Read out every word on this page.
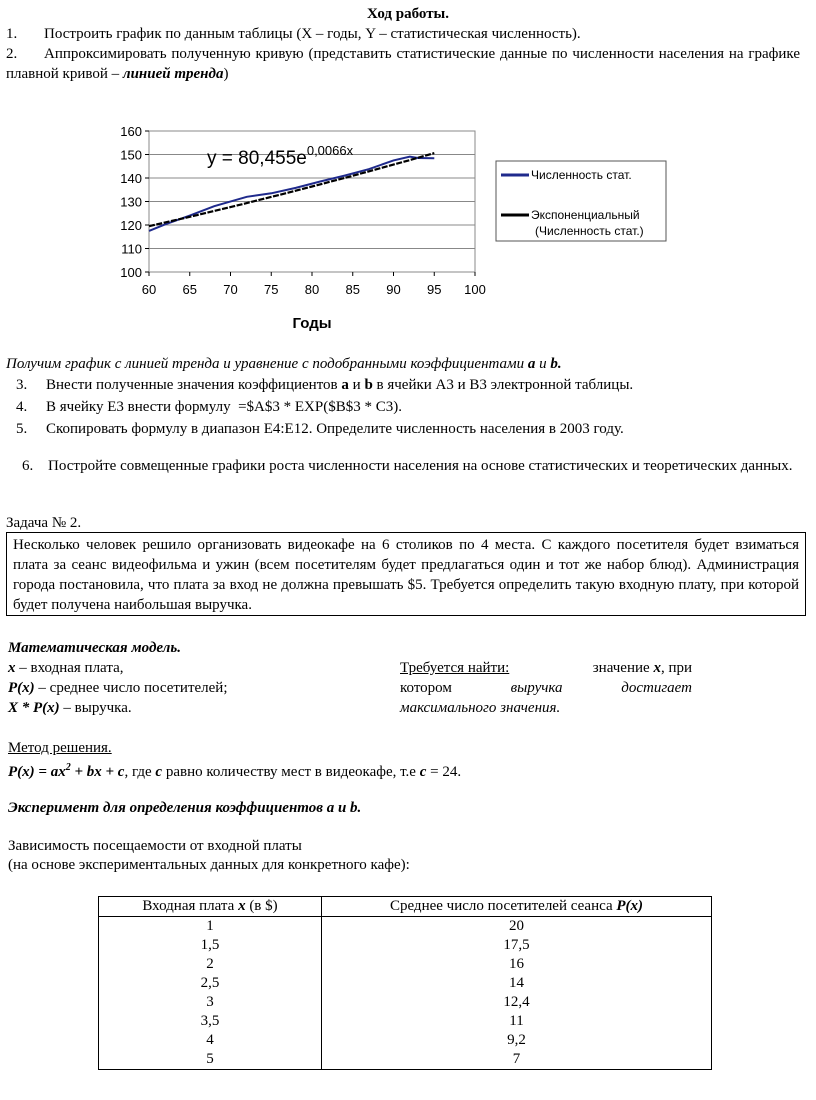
Ход работы.
1.	Построить график по данным таблицы (X – годы, Y – статистическая численность).
2. Аппроксимировать полученную кривую (представить статистические данные по численности населения на графике плавной кривой – линией тренда)
160
150
140
130
120
110
100
60 65 70 75 80 85 90 95 100
$y = 80,455e^{0,0066x}$
Годы
Численность стат.
Экспоненциальный
(Численность стат.)
Получим график с линией тренда и уравнение с подобранными коэффициентами a и b.
3. Внести полученные значения коэффициентов a и b в ячейки А3 и В3 электронной таблицы.
4. В ячейку Е3 внести формулу  =$A$3 * EXP($B$3 * C3).
5. Скопировать формулу в диапазон Е4:Е12. Определите численность населения в 2003 году.
6. Постройте совмещенные графики роста численности населения на основе статистических и теоретических данных.
Задача № 2.
Несколько человек решило организовать видеокафе на 6 столиков по 4 места. С каждого посетителя будет взиматься плата за сеанс видеофильма и ужин (всем посетителям будет предлагаться один и тот же набор блюд). Администрация города постановила, что плата за вход не должна превышать $5. Требуется определить такую входную плату, при которой будет получена наибольшая выручка.
Математическая модель.
x – входная плата,
P(x) – среднее число посетителей;
X * P(x) – выручка.
Требуется найти:	значение x, при
котором	выручка	достигает
максимального значения.
Метод решения.
$P(x) = ax^2$ + bx + c, где c равно количеству мест в видеокафе, т.е c = 24.
Эксперимент для определения коэффициентов a и b.
Зависимость посещаемости от входной платы
(на основе экспериментальных данных для конкретного кафе):
Входная плата x (в $)	Среднее число посетителей сеанса P(x)
1	20
1,5	17,5
2	16
2,5	14
3	12,4
3,5	11
4	9,2
5	7
